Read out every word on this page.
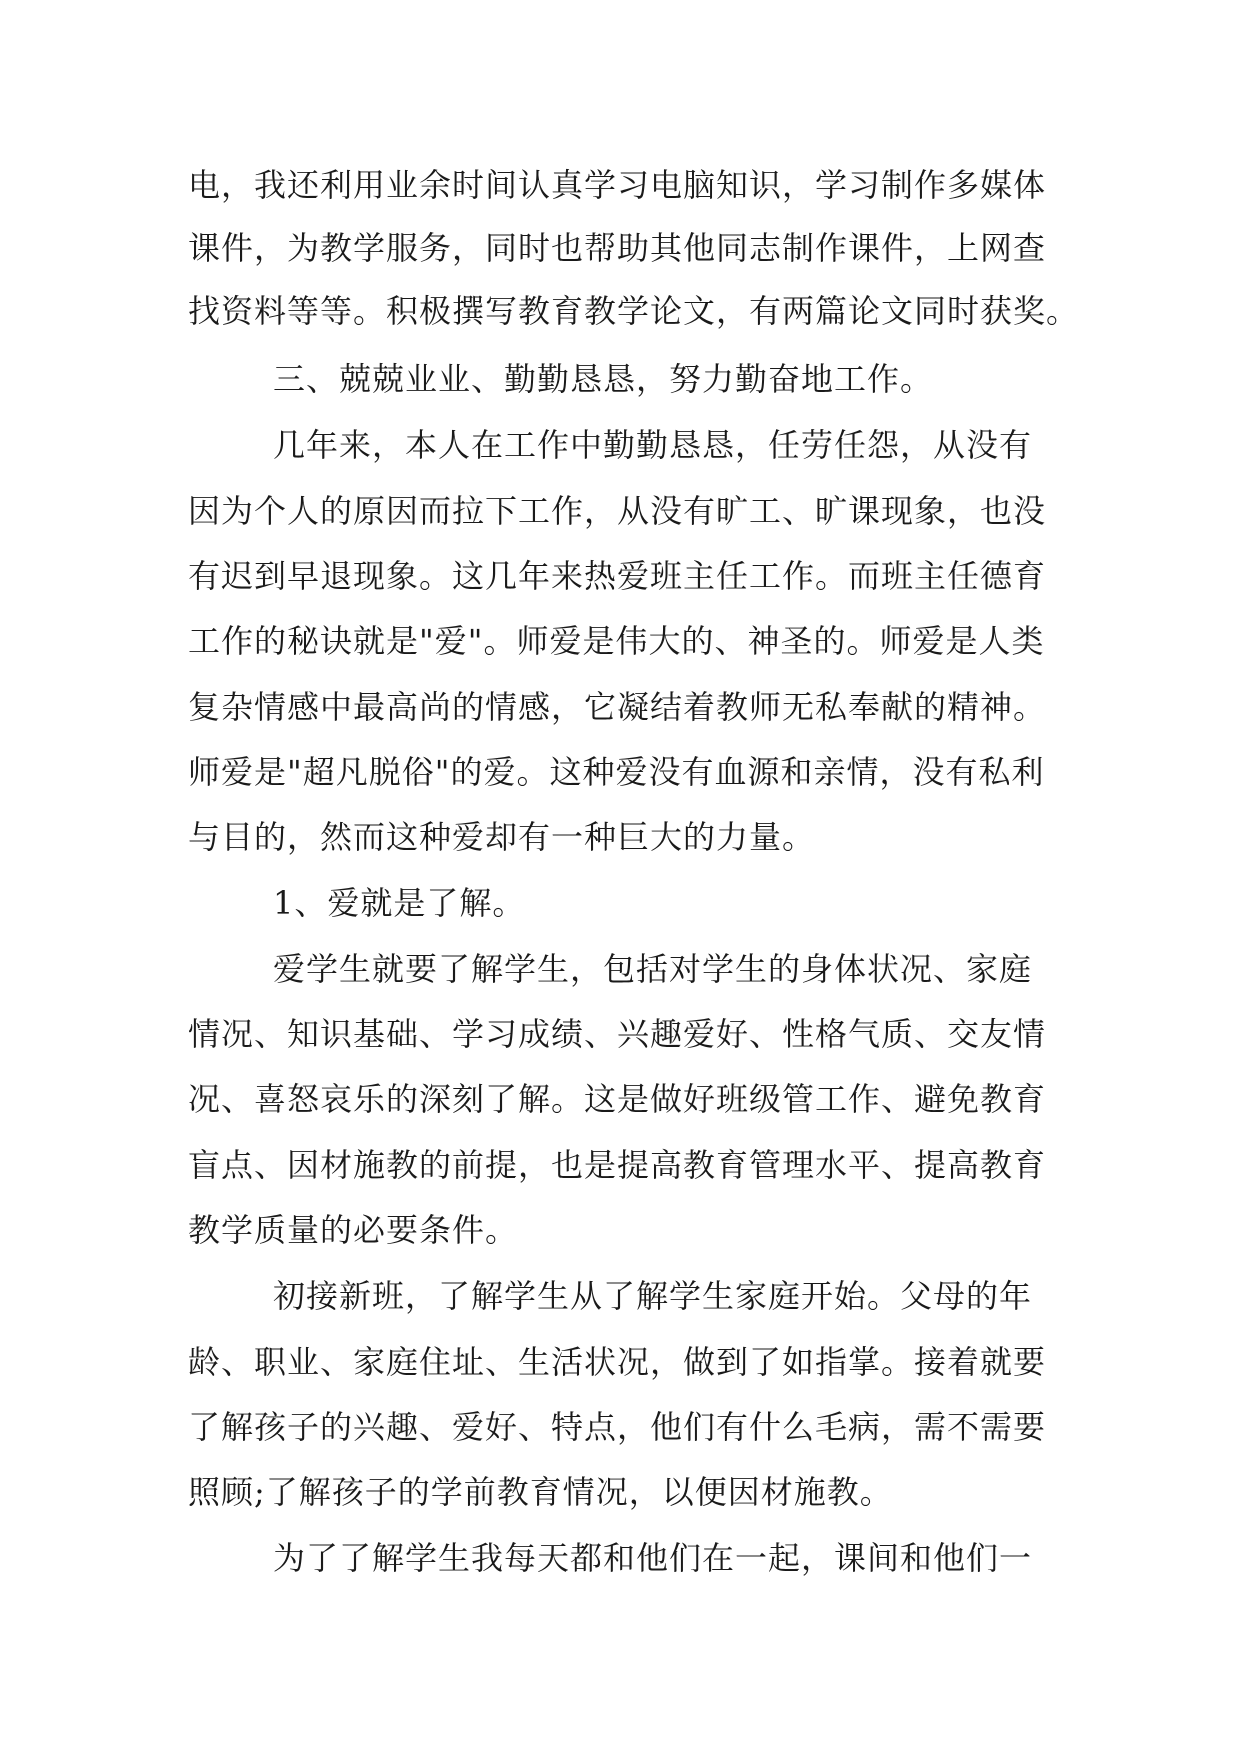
电，我还利用业余时间认真学习电脑知识，学习制作多媒体
课件，为教学服务，同时也帮助其他同志制作课件，上网查
找资料等等。积极撰写教育教学论文，有两篇论文同时获奖。
三、兢兢业业、勤勤恳恳，努力勤奋地工作。
几年来，本人在工作中勤勤恳恳，任劳任怨，从没有
因为个人的原因而拉下工作，从没有旷工、旷课现象，也没
有迟到早退现象。这几年来热爱班主任工作。而班主任德育
工作的秘诀就是"爱"。师爱是伟大的、神圣的。师爱是人类
复杂情感中最高尚的情感，它凝结着教师无私奉献的精神。
师爱是"超凡脱俗"的爱。这种爱没有血源和亲情，没有私利
与目的，然而这种爱却有一种巨大的力量。
1、爱就是了解。
爱学生就要了解学生，包括对学生的身体状况、家庭
情况、知识基础、学习成绩、兴趣爱好、性格气质、交友情
况、喜怒哀乐的深刻了解。这是做好班级管工作、避免教育
盲点、因材施教的前提，也是提高教育管理水平、提高教育
教学质量的必要条件。
初接新班，了解学生从了解学生家庭开始。父母的年
龄、职业、家庭住址、生活状况，做到了如指掌。接着就要
了解孩子的兴趣、爱好、特点，他们有什么毛病，需不需要
照顾;了解孩子的学前教育情况，以便因材施教。
为了了解学生我每天都和他们在一起，课间和他们一
